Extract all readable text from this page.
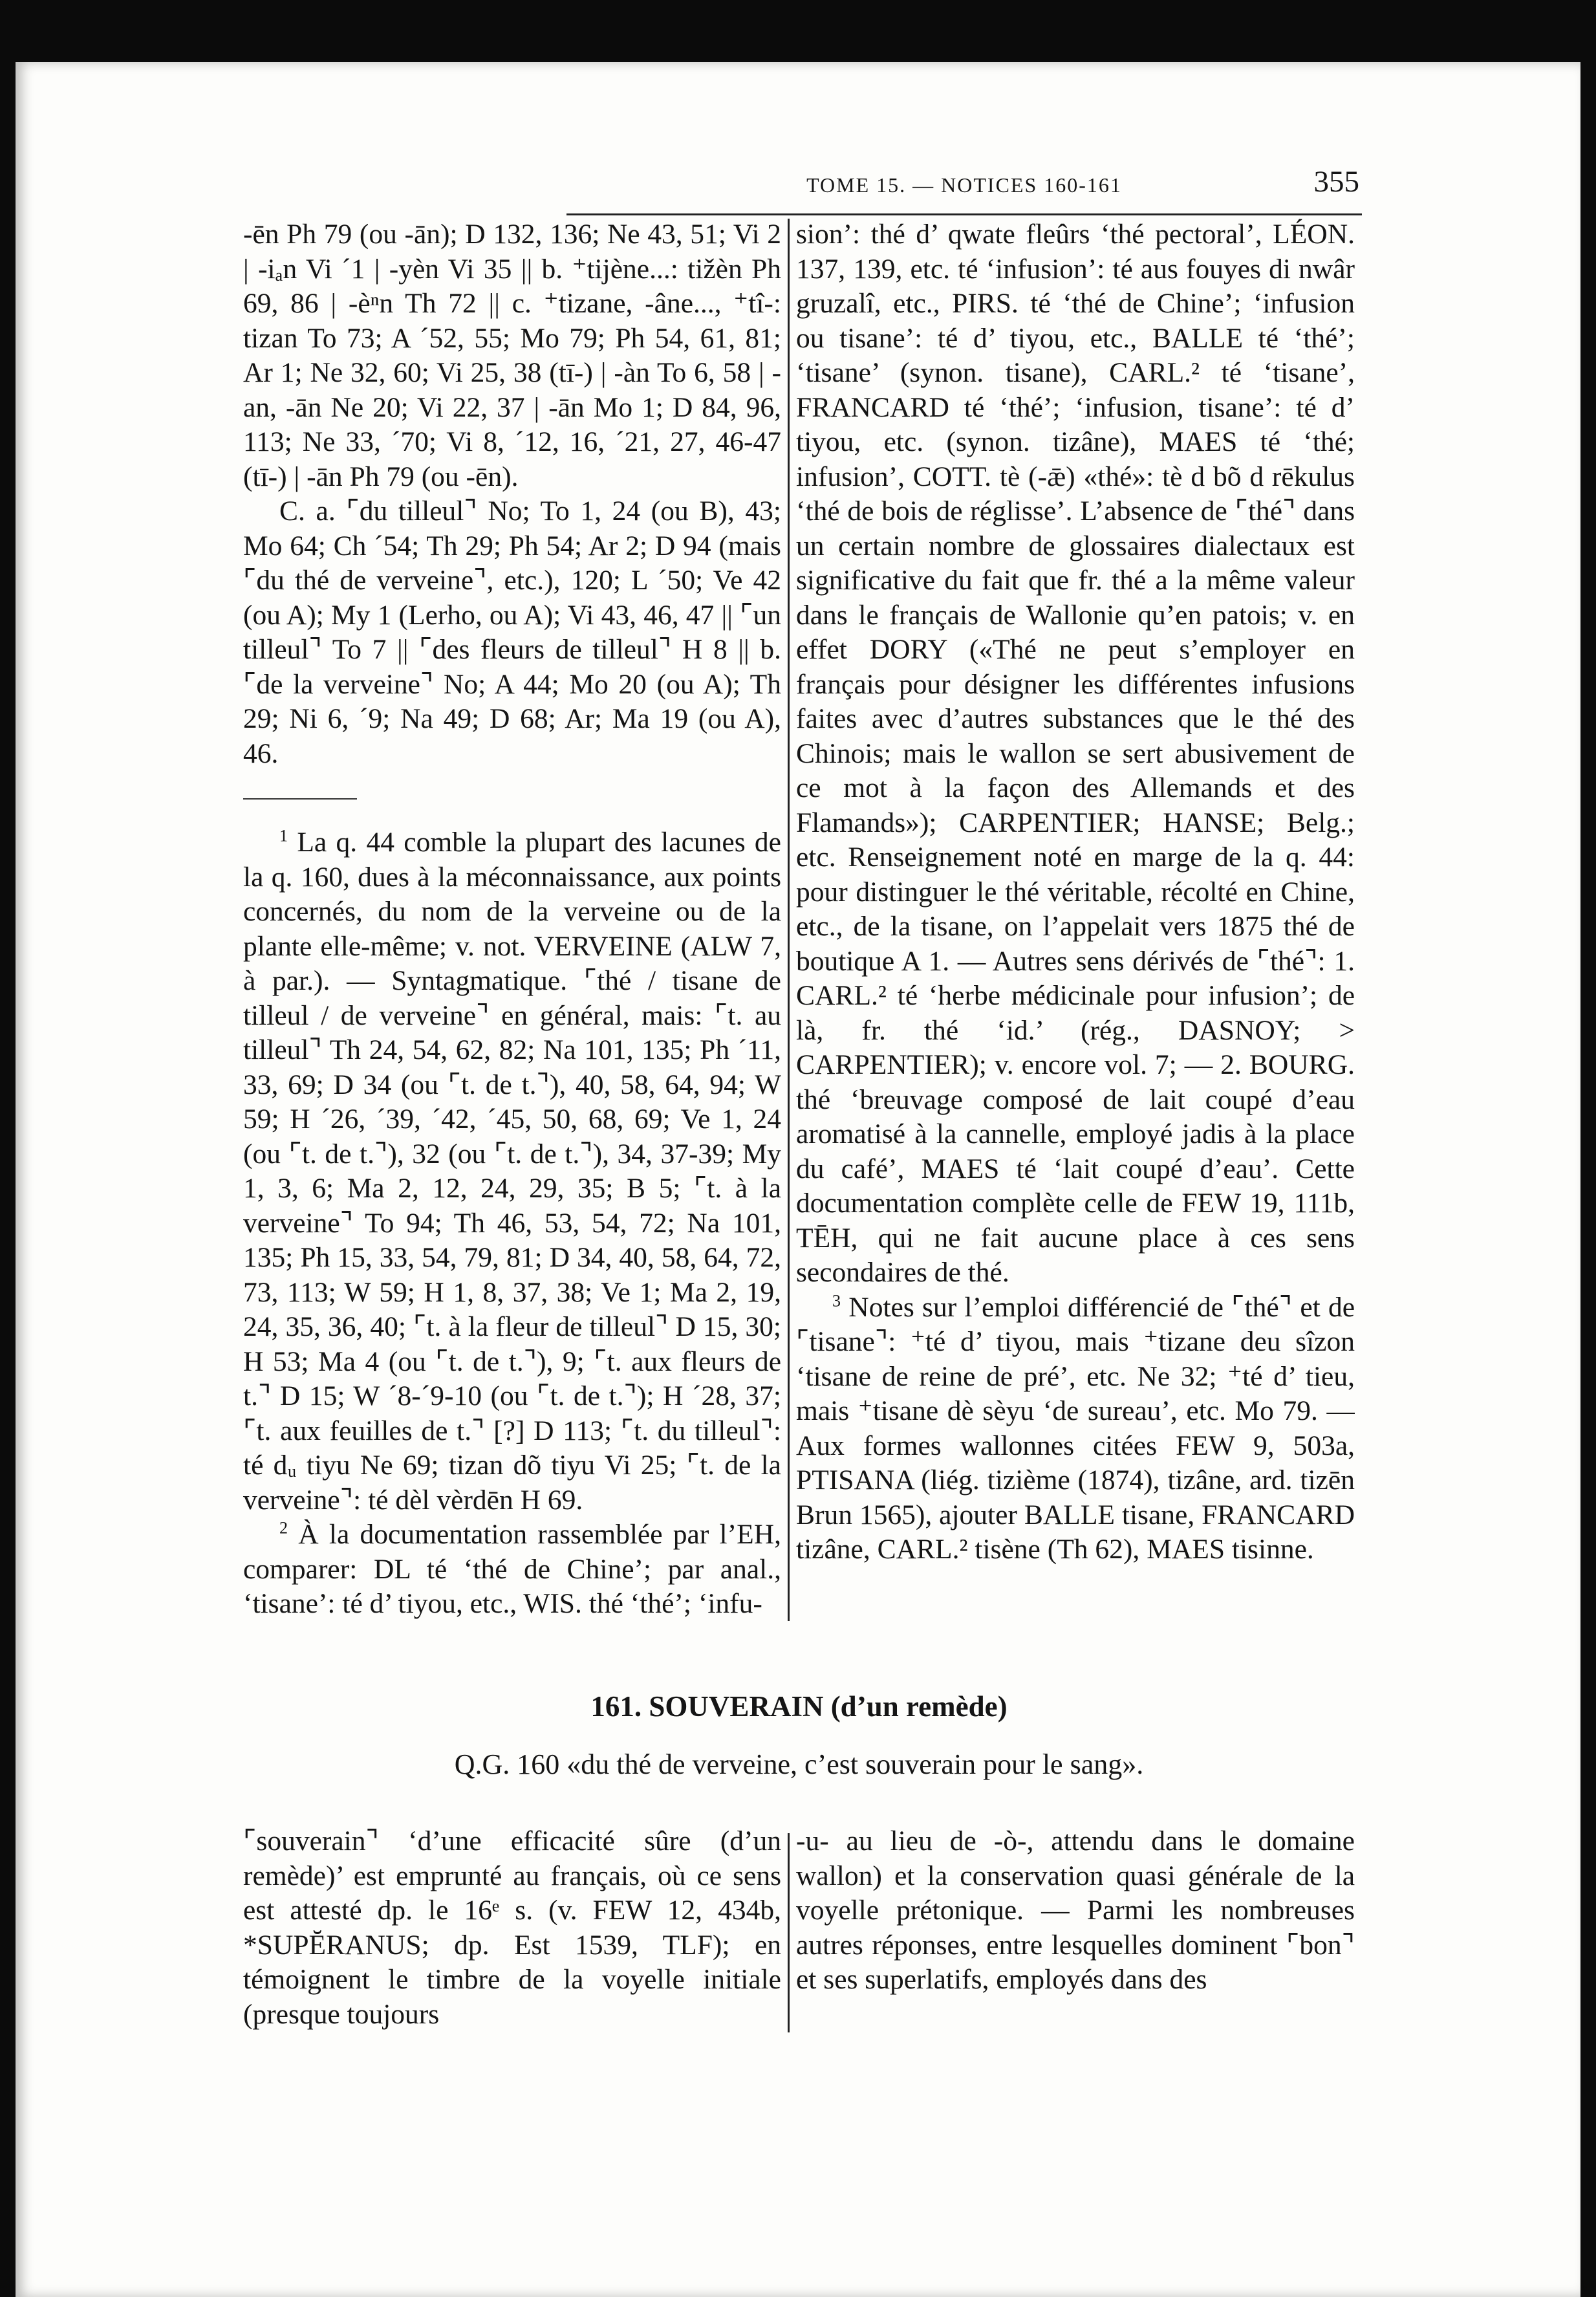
TOME 15. — NOTICES 160-161	355

-ēn Ph 79 (ou -ān); D 132, 136; Ne 43, 51; Vi 2 | -iₐn Vi ´1 | -yèn Vi 35 || b. ⁺tijène...: tižèn Ph 69, 86 | -èⁿn Th 72 || c. ⁺tizane, -âne..., ⁺tî-: tizan To 73; A ´52, 55; Mo 79; Ph 54, 61, 81; Ar 1; Ne 32, 60; Vi 25, 38 (tī-) | -àn To 6, 58 | -an, -ān Ne 20; Vi 22, 37 | -ān Mo 1; D 84, 96, 113; Ne 33, ´70; Vi 8, ´12, 16, ´21, 27, 46-47 (tī-) | -ān Ph 79 (ou -ēn).

C. a. ⌜du tilleul⌝ No; To 1, 24 (ou B), 43; Mo 64; Ch ´54; Th 29; Ph 54; Ar 2; D 94 (mais ⌜du thé de verveine⌝, etc.), 120; L ´50; Ve 42 (ou A); My 1 (Lerho, ou A); Vi 43, 46, 47 || ⌜un tilleul⌝ To 7 || ⌜des fleurs de tilleul⌝ H 8 || b. ⌜de la verveine⌝ No; A 44; Mo 20 (ou A); Th 29; Ni 6, ´9; Na 49; D 68; Ar; Ma 19 (ou A), 46.

$^1$ La q. 44 comble la plupart des lacunes de la q. 160, dues à la méconnaissance, aux points concernés, du nom de la verveine ou de la plante elle-même; v. not. VERVEINE (ALW 7, à par.). — Syntagmatique. ⌜thé / tisane de tilleul / de verveine⌝ en général, mais: ⌜t. au tilleul⌝ Th 24, 54, 62, 82; Na 101, 135; Ph ´11, 33, 69; D 34 (ou ⌜t. de t.⌝), 40, 58, 64, 94; W 59; H ´26, ´39, ´42, ´45, 50, 68, 69; Ve 1, 24 (ou ⌜t. de t.⌝), 32 (ou ⌜t. de t.⌝), 34, 37-39; My 1, 3, 6; Ma 2, 12, 24, 29, 35; B 5; ⌜t. à la verveine⌝ To 94; Th 46, 53, 54, 72; Na 101, 135; Ph 15, 33, 54, 79, 81; D 34, 40, 58, 64, 72, 73, 113; W 59; H 1, 8, 37, 38; Ve 1; Ma 2, 19, 24, 35, 36, 40; ⌜t. à la fleur de tilleul⌝ D 15, 30; H 53; Ma 4 (ou ⌜t. de t.⌝), 9; ⌜t. aux fleurs de t.⌝ D 15; W ´8-´9-10 (ou ⌜t. de t.⌝); H ´28, 37; ⌜t. aux feuilles de t.⌝ [?] D 113; ⌜t. du tilleul⌝: té dᵤ tiyu Ne 69; tizan dõ tiyu Vi 25; ⌜t. de la verveine⌝: té dèl vèrdēn H 69.

$^2$ À la documentation rassemblée par l’EH, comparer: DL té ‘thé de Chine’; par anal., ‘tisane’: té d’ tiyou, etc., WIS. thé ‘thé’; ‘infu-

sion’: thé d’ qwate fleûrs ‘thé pectoral’, LÉON. 137, 139, etc. té ‘infusion’: té aus fouyes di nwâr gruzalî, etc., PIRS. té ‘thé de Chine’; ‘infusion ou tisane’: té d’ tiyou, etc., BALLE té ‘thé’; ‘tisane’ (synon. tisane), CARL.² té ‘tisane’, FRANCARD té ‘thé’; ‘infusion, tisane’: té d’ tiyou, etc. (synon. tizâne), MAES té ‘thé; infusion’, COTT. tè (-ǣ) «thé»: tè d bõ d rēkulus ‘thé de bois de réglisse’. L’absence de ⌜thé⌝ dans un certain nombre de glossaires dialectaux est significative du fait que fr. thé a la même valeur dans le français de Wallonie qu’en patois; v. en effet DORY («Thé ne peut s’employer en français pour désigner les différentes infusions faites avec d’autres substances que le thé des Chinois; mais le wallon se sert abusivement de ce mot à la façon des Allemands et des Flamands»); CARPENTIER; HANSE; Belg.; etc. Renseignement noté en marge de la q. 44: pour distinguer le thé véritable, récolté en Chine, etc., de la tisane, on l’appelait vers 1875 thé de boutique A 1. — Autres sens dérivés de ⌜thé⌝: 1. CARL.² té ‘herbe médicinale pour infusion’; de là, fr. thé ‘id.’ (rég., DASNOY; > CARPENTIER); v. encore vol. 7; — 2. BOURG. thé ‘breuvage composé de lait coupé d’eau aromatisé à la cannelle, employé jadis à la place du café’, MAES té ‘lait coupé d’eau’. Cette documentation complète celle de FEW 19, 111b, TĒH, qui ne fait aucune place à ces sens secondaires de thé.

$^3$ Notes sur l’emploi différencié de ⌜thé⌝ et de ⌜tisane⌝: ⁺té d’ tiyou, mais ⁺tizane deu sîzon ‘tisane de reine de pré’, etc. Ne 32; ⁺té d’ tieu, mais ⁺tisane dè sèyu ‘de sureau’, etc. Mo 79. — Aux formes wallonnes citées FEW 9, 503a, PTISANA (liég. tizième (1874), tizâne, ard. tizēn Brun 1565), ajouter BALLE tisane, FRANCARD tizâne, CARL.² tisène (Th 62), MAES tisinne.

161. SOUVERAIN (d’un remède)
Q.G. 160 «du thé de verveine, c’est souverain pour le sang».

⌜souverain⌝ ‘d’une efficacité sûre (d’un remède)’ est emprunté au français, où ce sens est attesté dp. le 16ᵉ s. (v. FEW 12, 434b, *SUPĔRANUS; dp. Est 1539, TLF); en témoignent le timbre de la voyelle initiale (presque toujours

-u- au lieu de -ò-, attendu dans le domaine wallon) et la conservation quasi générale de la voyelle prétonique. — Parmi les nombreuses autres réponses, entre lesquelles dominent ⌜bon⌝ et ses superlatifs, employés dans des
